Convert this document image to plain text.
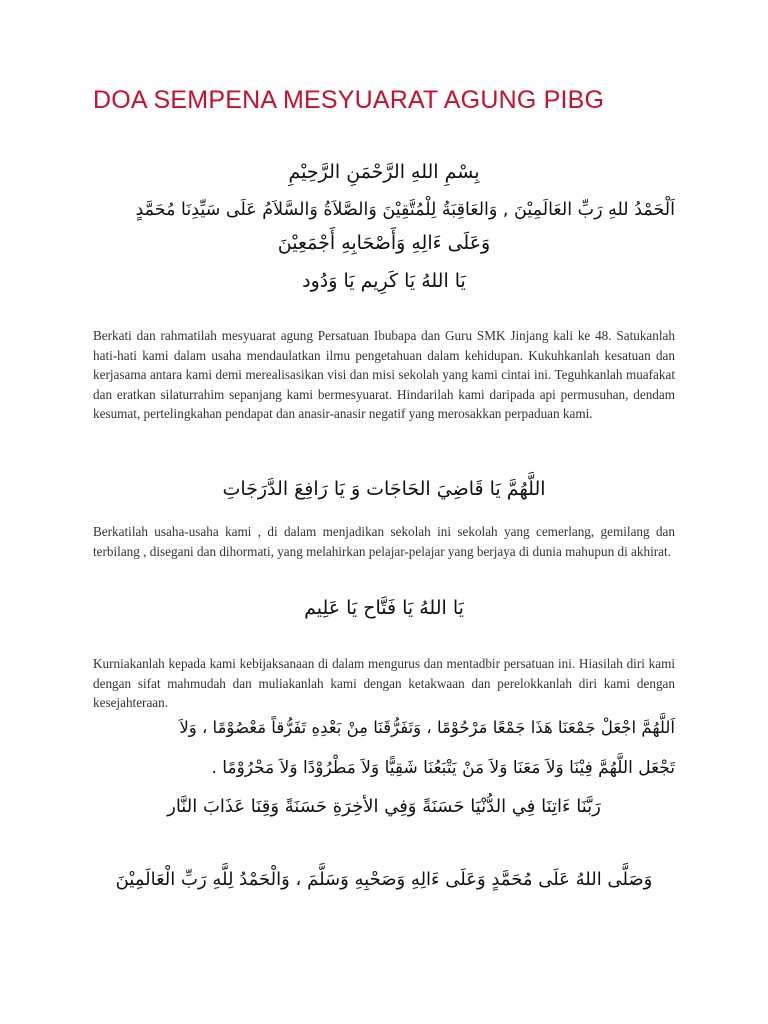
DOA SEMPENA MESYUARAT AGUNG PIBG

بِسْمِ اللهِ الرَّحْمَنِ الرَّحِيْمِ

اَلْحَمْدُ للهِ رَبِّ العَالَمِيْنَ , وَالعَاقِبَةُ لِلْمُتَّقِيْنَ وَالصَّلاَةُ وَالسَّلاَمُ عَلَى سَيِّدِنَا مُحَمَّدٍ

وَعَلَى ءَالِهِ وَأَصْحَابِهِ أَجْمَعِيْنَ

يَا اللهُ يَا كَرِيم يَا وَدُود

Berkati dan rahmatilah mesyuarat agung Persatuan Ibubapa dan Guru SMK Jinjang kali ke 48. Satukanlah hati-hati kami dalam usaha mendaulatkan ilmu pengetahuan dalam kehidupan. Kukuhkanlah kesatuan dan kerjasama antara kami demi merealisasikan visi dan misi sekolah yang kami cintai ini. Teguhkanlah muafakat dan eratkan silaturrahim sepanjang kami bermesyuarat. Hindarilah kami daripada api permusuhan, dendam kesumat, pertelingkahan pendapat dan anasir-anasir negatif yang merosakkan perpaduan kami.

اللَّهُمَّ يَا قَاضِيَ الحَاجَات وَ يَا رَافِعَ الدَّرَجَاتِ

Berkatilah usaha-usaha kami , di dalam menjadikan sekolah ini sekolah yang cemerlang, gemilang dan terbilang , disegani dan dihormati, yang melahirkan pelajar-pelajar yang berjaya di dunia mahupun di akhirat.

يَا اللهُ يَا فَتَّاح يَا عَلِيم

Kurniakanlah kepada kami kebijaksanaan di dalam mengurus dan mentadbir persatuan ini. Hiasilah diri kami dengan sifat mahmudah dan muliakanlah kami dengan ketakwaan dan perelokkanlah diri kami dengan kesejahteraan.

اَللَّهُمَّ اجْعَلْ جَمْعَنَا هَذَا جَمْعًا مَرْحُوْمًا ، وَتَفَرُّقَنَا مِنْ بَعْدِهِ تَفَرُّقاً مَعْصُوْمًا ، وَلاَ

تَجْعَل اللَّهُمَّ فِيْنَا وَلاَ مَعَنَا وَلاَ مَنْ يَتْبَعُنَا شَقِيًّا وَلاَ مَطْرُوْدًا وَلاَ مَحْرُوْمًا .

رَبَّنَا ءَاتِنَا فِي الدُّنْيَا حَسَنَةً وَفِي الأخِرَةِ حَسَنَةً وَقِنَا عَذَابَ النَّار

وَصَلَّى اللهُ عَلَى مُحَمَّدٍ وَعَلَى ءَالِهِ وَصَحْبِهِ وَسَلَّمَ ، وَالْحَمْدُ لِلَّهِ رَبِّ الْعَالَمِيْنَ
